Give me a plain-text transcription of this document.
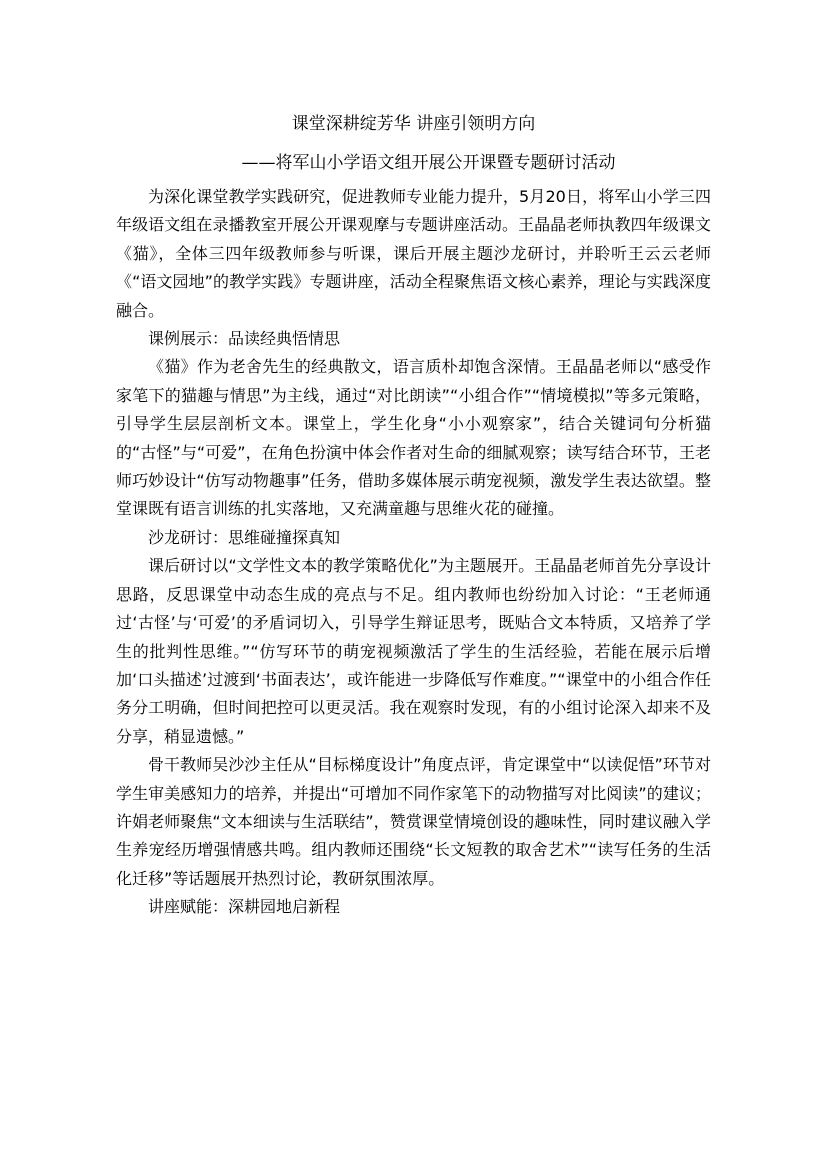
课堂深耕绽芳华 讲座引领明方向
——将军山小学语文组开展公开课暨专题研讨活动

为深化课堂教学实践研究，促进教师专业能力提升，5月20日，将军山小学三四年级语文组在录播教室开展公开课观摩与专题讲座活动。王晶晶老师执教四年级课文《猫》，全体三四年级教师参与听课，课后开展主题沙龙研讨，并聆听王云云老师《“语文园地”的教学实践》专题讲座，活动全程聚焦语文核心素养，理论与实践深度融合。

课例展示：品读经典悟情思

《猫》作为老舍先生的经典散文，语言质朴却饱含深情。王晶晶老师以“感受作家笔下的猫趣与情思”为主线，通过“对比朗读”“小组合作”“情境模拟”等多元策略，引导学生层层剖析文本。课堂上，学生化身“小小观察家”，结合关键词句分析猫的“古怪”与“可爱”，在角色扮演中体会作者对生命的细腻观察；读写结合环节，王老师巧妙设计“仿写动物趣事”任务，借助多媒体展示萌宠视频，激发学生表达欲望。整堂课既有语言训练的扎实落地，又充满童趣与思维火花的碰撞。

沙龙研讨：思维碰撞探真知

课后研讨以“文学性文本的教学策略优化”为主题展开。王晶晶老师首先分享设计思路，反思课堂中动态生成的亮点与不足。组内教师也纷纷加入讨论：“王老师通过‘古怪’与‘可爱’的矛盾词切入，引导学生辩证思考，既贴合文本特质，又培养了学生的批判性思维。”“仿写环节的萌宠视频激活了学生的生活经验，若能在展示后增加‘口头描述’过渡到‘书面表达’，或许能进一步降低写作难度。”“课堂中的小组合作任务分工明确，但时间把控可以更灵活。我在观察时发现，有的小组讨论深入却来不及分享，稍显遗憾。”

骨干教师吴沙沙主任从“目标梯度设计”角度点评，肯定课堂中“以读促悟”环节对学生审美感知力的培养，并提出“可增加不同作家笔下的动物描写对比阅读”的建议；许娟老师聚焦“文本细读与生活联结”，赞赏课堂情境创设的趣味性，同时建议融入学生养宠经历增强情感共鸣。组内教师还围绕“长文短教的取舍艺术”“读写任务的生活化迁移”等话题展开热烈讨论，教研氛围浓厚。

讲座赋能：深耕园地启新程
